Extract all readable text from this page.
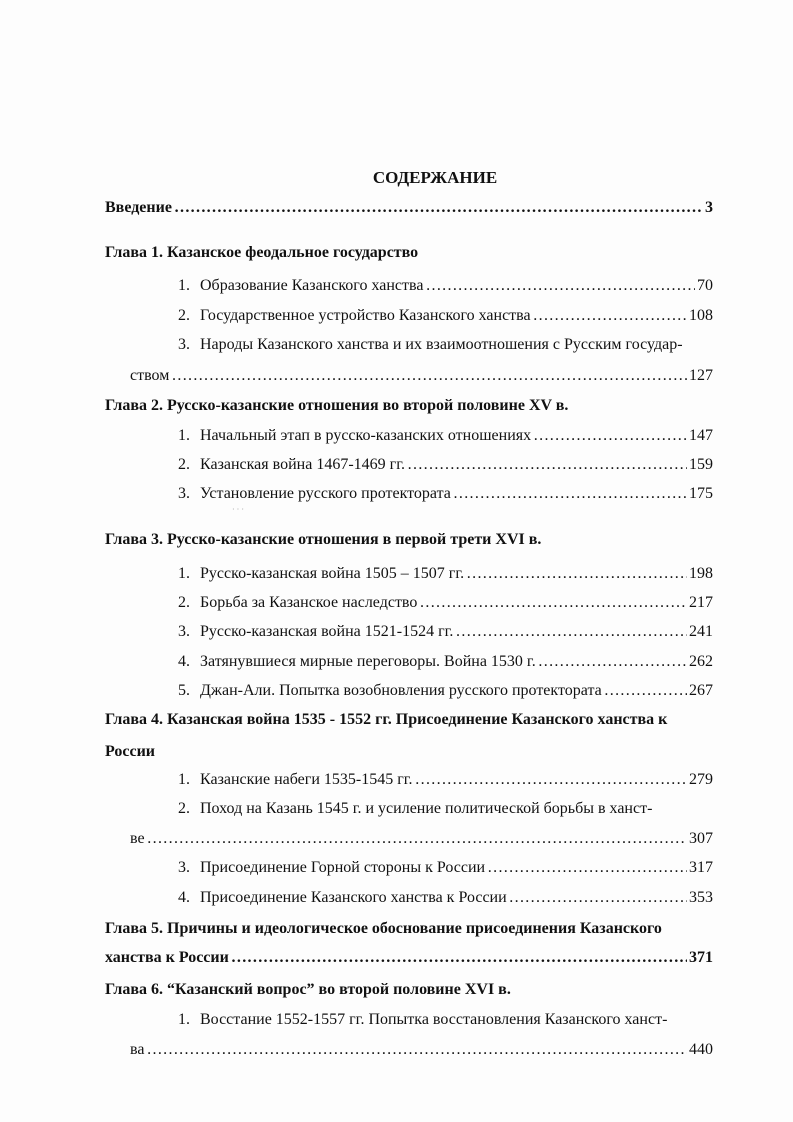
СОДЕРЖАНИЕ
· · ·
Введение ……………………………………………………………………………………………………………………………………………………………………………………………………	3
Глава 1. Казанское феодальное государство
1. Образование Казанского ханства ……………………………………………………………………………………………………………………………………………………………………………………………………	70
2. Государственное устройство Казанского ханства ……………………………………………………………………………………………………………………………………………………………………………………………………	108
3. Народы Казанского ханства и их взаимоотношения с Русским государ-
ством ……………………………………………………………………………………………………………………………………………………………………………………………………	127
Глава 2. Русско-казанские отношения во второй половине XV в.
1. Начальный этап в русско-казанских отношениях ……………………………………………………………………………………………………………………………………………………………………………………………………	147
2. Казанская война 1467-1469 гг. ……………………………………………………………………………………………………………………………………………………………………………………………………	159
3. Установление русского протектората ……………………………………………………………………………………………………………………………………………………………………………………………………	175
Глава 3. Русско-казанские отношения в первой трети XVI в.
1. Русско-казанская война 1505 – 1507 гг. ……………………………………………………………………………………………………………………………………………………………………………………………………	198
2. Борьба за Казанское наследство ……………………………………………………………………………………………………………………………………………………………………………………………………	217
3. Русско-казанская война 1521-1524 гг. ……………………………………………………………………………………………………………………………………………………………………………………………………	241
4. Затянувшиеся мирные переговоры. Война 1530 г. ……………………………………………………………………………………………………………………………………………………………………………………………………	262
5. Джан-Али. Попытка возобновления русского протектората ……………………………………………………………………………………………………………………………………………………………………………………………………	267
Глава 4. Казанская война 1535 - 1552 гг. Присоединение Казанского ханства к
России
1. Казанские набеги 1535-1545 гг. ……………………………………………………………………………………………………………………………………………………………………………………………………	279
2. Поход на Казань 1545 г. и усиление политической борьбы в ханст-
ве ……………………………………………………………………………………………………………………………………………………………………………………………………	307
3. Присоединение Горной стороны к России ……………………………………………………………………………………………………………………………………………………………………………………………………	317
4. Присоединение Казанского ханства к России ……………………………………………………………………………………………………………………………………………………………………………………………………	353
Глава 5. Причины и идеологическое обоснование присоединения Казанского
ханства к России ……………………………………………………………………………………………………………………………………………………………………………………………………	371
Глава 6. “Казанский вопрос” во второй половине XVI в.
1. Восстание 1552-1557 гг. Попытка восстановления Казанского ханст-
ва ……………………………………………………………………………………………………………………………………………………………………………………………………	440
